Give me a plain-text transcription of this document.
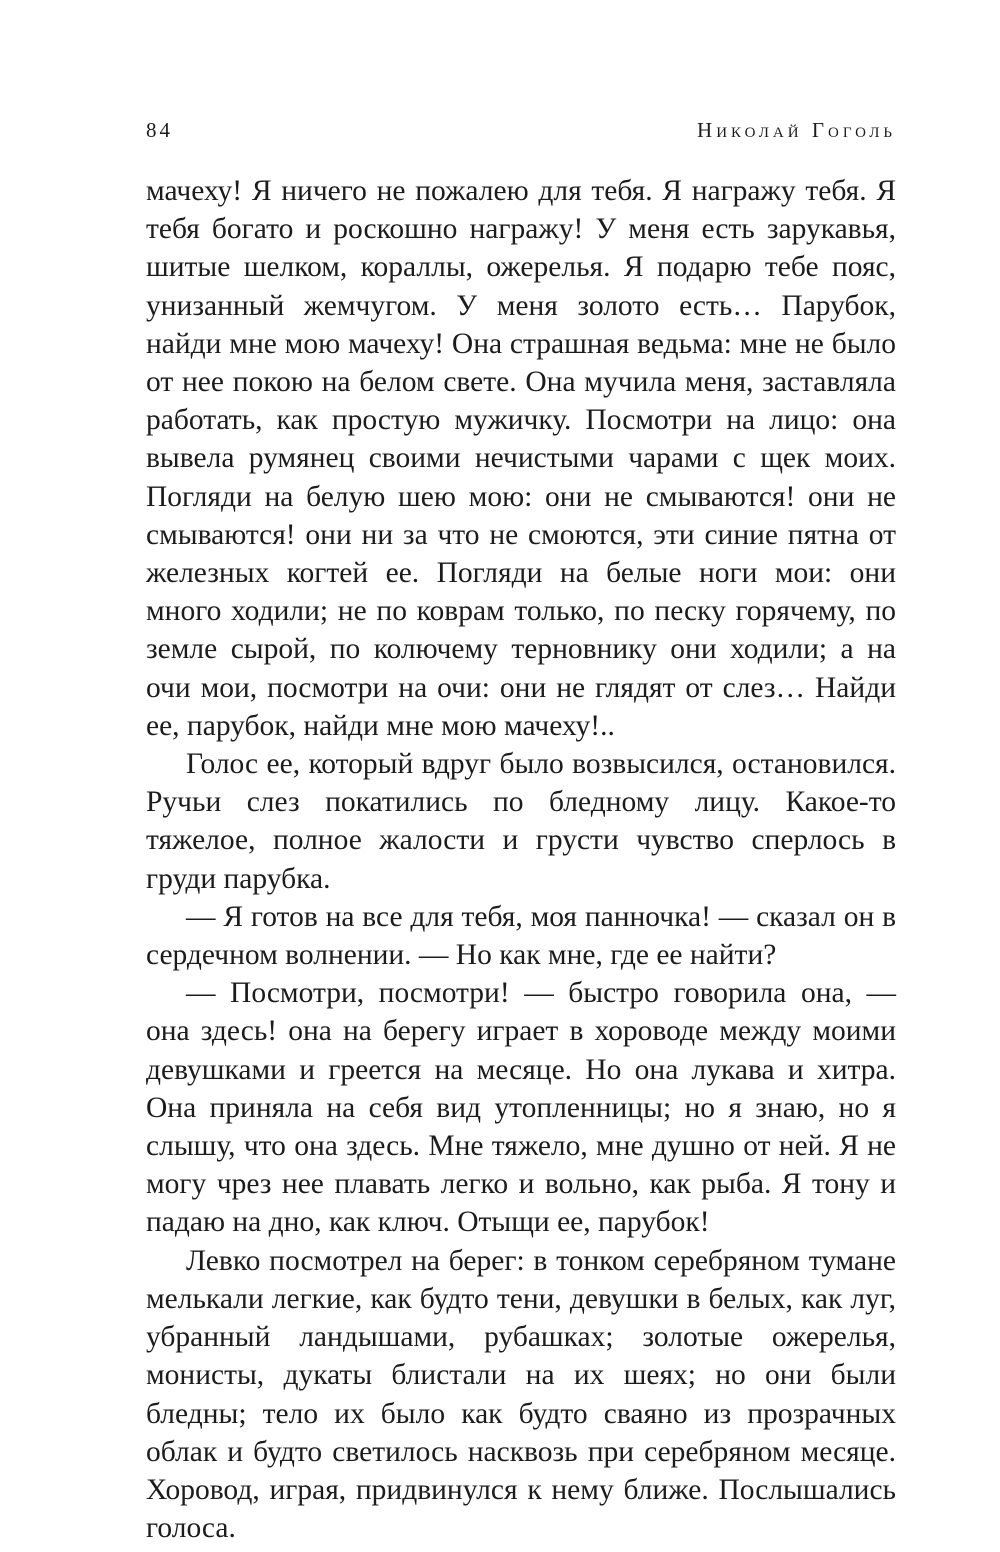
84	Николай Гоголь

мачеху! Я ничего не пожалею для тебя. Я награжу тебя. Я тебя богато и роскошно награжу! У меня есть зарукавья, шитые шелком, кораллы, ожерелья. Я подарю тебе пояс, унизанный жемчугом. У меня золото есть… Парубок, найди мне мою мачеху! Она страшная ведьма: мне не было от нее покою на белом свете. Она мучила меня, заставляла работать, как простую мужичку. Посмотри на лицо: она вывела румянец своими нечистыми чарами с щек моих. Погляди на белую шею мою: они не смываются! они не смываются! они ни за что не смоются, эти синие пятна от железных когтей ее. Погляди на белые ноги мои: они много ходили; не по коврам только, по песку горячему, по земле сырой, по колючему терновнику они ходили; а на очи мои, посмотри на очи: они не глядят от слез… Найди ее, парубок, найди мне мою мачеху!..

Голос ее, который вдруг было возвысился, остановился. Ручьи слез покатились по бледному лицу. Какое-то тяжелое, полное жалости и грусти чувство сперлось в груди парубка.

— Я готов на все для тебя, моя панночка! — сказал он в сердечном волнении. — Но как мне, где ее найти?

— Посмотри, посмотри! — быстро говорила она, — она здесь! она на берегу играет в хороводе между моими девушками и греется на месяце. Но она лукава и хитра. Она приняла на себя вид утопленницы; но я знаю, но я слышу, что она здесь. Мне тяжело, мне душно от ней. Я не могу чрез нее плавать легко и вольно, как рыба. Я тону и падаю на дно, как ключ. Отыщи ее, парубок!

Левко посмотрел на берег: в тонком серебряном тумане мелькали легкие, как будто тени, девушки в белых, как луг, убранный ландышами, рубашках; золотые ожерелья, монисты, дукаты блистали на их шеях; но они были бледны; тело их было как будто сваяно из прозрачных облак и будто светилось насквозь при серебряном месяце. Хоровод, играя, придвинулся к нему ближе. Послышались голоса.
